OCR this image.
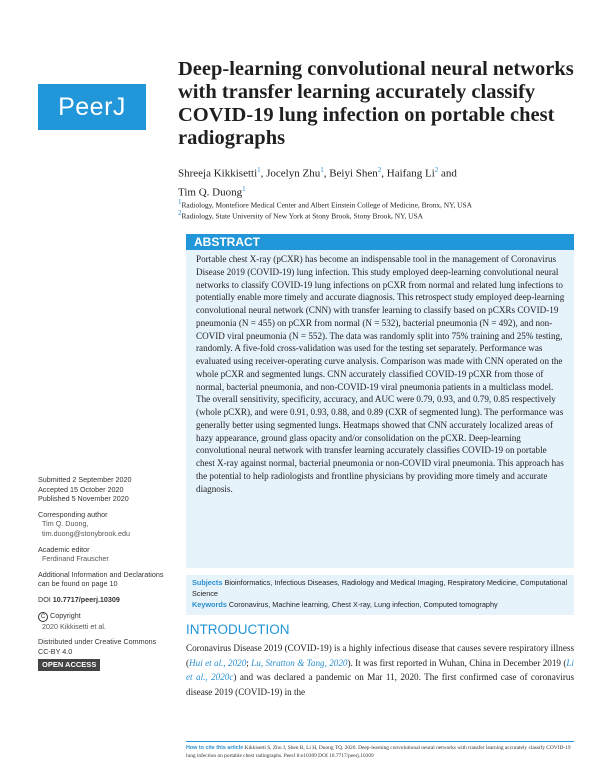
PeerJ
Deep-learning convolutional neural networks with transfer learning accurately classify COVID-19 lung infection on portable chest radiographs
Shreeja Kikkisetti$^1$, Jocelyn Zhu$^1$, Beiyi Shen$^2$, Haifang Li$^2$ and
Tim Q. Duong$^1$
$^1$Radiology, Montefiore Medical Center and Albert Einstein College of Medicine, Bronx, NY, USA
$^2$Radiology, State University of New York at Stony Brook, Stony Brook, NY, USA
ABSTRACT
Portable chest X-ray (pCXR) has become an indispensable tool in the management of Coronavirus Disease 2019 (COVID-19) lung infection. This study employed deep-learning convolutional neural networks to classify COVID-19 lung infections on pCXR from normal and related lung infections to potentially enable more timely and accurate diagnosis. This retrospect study employed deep-learning convolutional neural network (CNN) with transfer learning to classify based on pCXRs COVID-19 pneumonia (N = 455) on pCXR from normal (N = 532), bacterial pneumonia (N = 492), and non-COVID viral pneumonia (N = 552). The data was randomly split into 75% training and 25% testing, randomly. A five-fold cross-validation was used for the testing set separately. Performance was evaluated using receiver-operating curve analysis. Comparison was made with CNN operated on the whole pCXR and segmented lungs. CNN accurately classified COVID-19 pCXR from those of normal, bacterial pneumonia, and non-COVID-19 viral pneumonia patients in a multiclass model. The overall sensitivity, specificity, accuracy, and AUC were 0.79, 0.93, and 0.79, 0.85 respectively (whole pCXR), and were 0.91, 0.93, 0.88, and 0.89 (CXR of segmented lung). The performance was generally better using segmented lungs. Heatmaps showed that CNN accurately localized areas of hazy appearance, ground glass opacity and/or consolidation on the pCXR. Deep-learning convolutional neural network with transfer learning accurately classifies COVID-19 on portable chest X-ray against normal, bacterial pneumonia or non-COVID viral pneumonia. This approach has the potential to help radiologists and frontline physicians by providing more timely and accurate diagnosis.
Subjects Bioinformatics, Infectious Diseases, Radiology and Medical Imaging, Respiratory Medicine, Computational Science
Keywords Coronavirus, Machine learning, Chest X-ray, Lung infection, Computed tomography
INTRODUCTION
Coronavirus Disease 2019 (COVID-19) is a highly infectious disease that causes severe respiratory illness (Hui et al., 2020; Lu, Stratton & Tang, 2020). It was first reported in Wuhan, China in December 2019 (Li et al., 2020c) and was declared a pandemic on Mar 11, 2020. The first confirmed case of coronavirus disease 2019 (COVID-19) in the
Submitted 2 September 2020
Accepted 15 October 2020
Published 5 November 2020
Corresponding author
Tim Q. Duong,
tim.duong@stonybrook.edu
Academic editor
Ferdinand Frauscher
Additional Information and Declarations can be found on page 10
DOI 10.7717/peerj.10309
C Copyright
2020 Kikkisetti et al.
Distributed under Creative Commons CC-BY 4.0
OPEN ACCESS
How to cite this article Kikkisetti S, Zhu J, Shen B, Li H, Duong TQ. 2020. Deep-learning convolutional neural networks with transfer learning accurately classify COVID-19 lung infection on portable chest radiographs. PeerJ 8:e10309 DOI 10.7717/peerj.10309
